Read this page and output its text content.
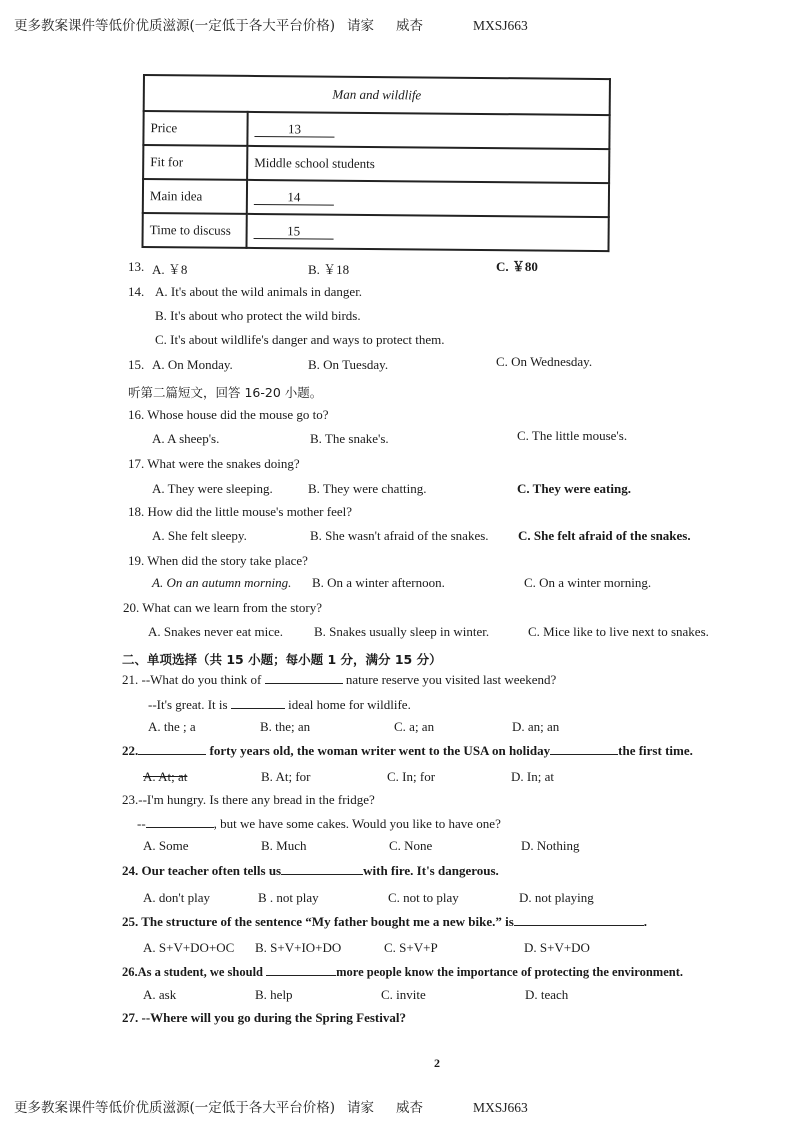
更多教案课件等低价优质滋源(一定低于各大平台价格) 请家 威杏	MXSJ663
Man and wildlife	
Price	13
Fit for	Middle school students
Main idea	14
Time to discuss	15
13. A. ￥8	B. ￥18	C. ￥80
14. A. It's about the wild animals in danger.
B. It's about who protect the wild birds.
C. It's about wildlife's danger and ways to protect them.
15. A. On Monday.	B. On Tuesday.	C. On Wednesday.
听第二篇短文，回答 16-20 小题。
16. Whose house did the mouse go to?
A. A sheep's.	B. The snake's.	C. The little mouse's.
17. What were the snakes doing?
A. They were sleeping.	B. They were chatting.	C. They were eating.
18. How did the little mouse's mother feel?
A. She felt sleepy.	B. She wasn't afraid of the snakes. C. She felt afraid of the snakes.
19. When did the story take place?
A. On an autumn morning. B. On a winter afternoon.	C. On a winter morning.
20. What can we learn from the story?
A. Snakes never eat mice. B. Snakes usually sleep in winter.	C. Mice like to live next to snakes.
二、单项选择（共 15 小题；每小题 1 分，满分 15 分）
21. --What do you think of	nature reserve you visited last weekend?
--It's great. It is	ideal home for wildlife.
A. the ; a	B. the; an	C. a; an	D. an; an
22.	forty years old, the woman writer went to the USA on holiday	the first time.
A. At; at	B. At; for	C. In; for	D. In; at
23.--I'm hungry. Is there any bread in the fridge?
--	, but we have some cakes. Would you like to have one?
A. Some	B. Much	C. None	D. Nothing
24. Our teacher often tells us	with fire. It's dangerous.
A. don't play	B . not play	C. not to play	D. not playing
25. The structure of the sentence “My father bought me a new bike.” is	.
A. S+V+DO+OC B. S+V+IO+DO	C. S+V+P	D. S+V+DO
26.As a student, we should	more people know the importance of protecting the environment.
A. ask	B. help	C. invite	D. teach
27. --Where will you go during the Spring Festival?
2
更多教案课件等低价优质滋源(一定低于各大平台价格) 请家 威杏	MXSJ663
